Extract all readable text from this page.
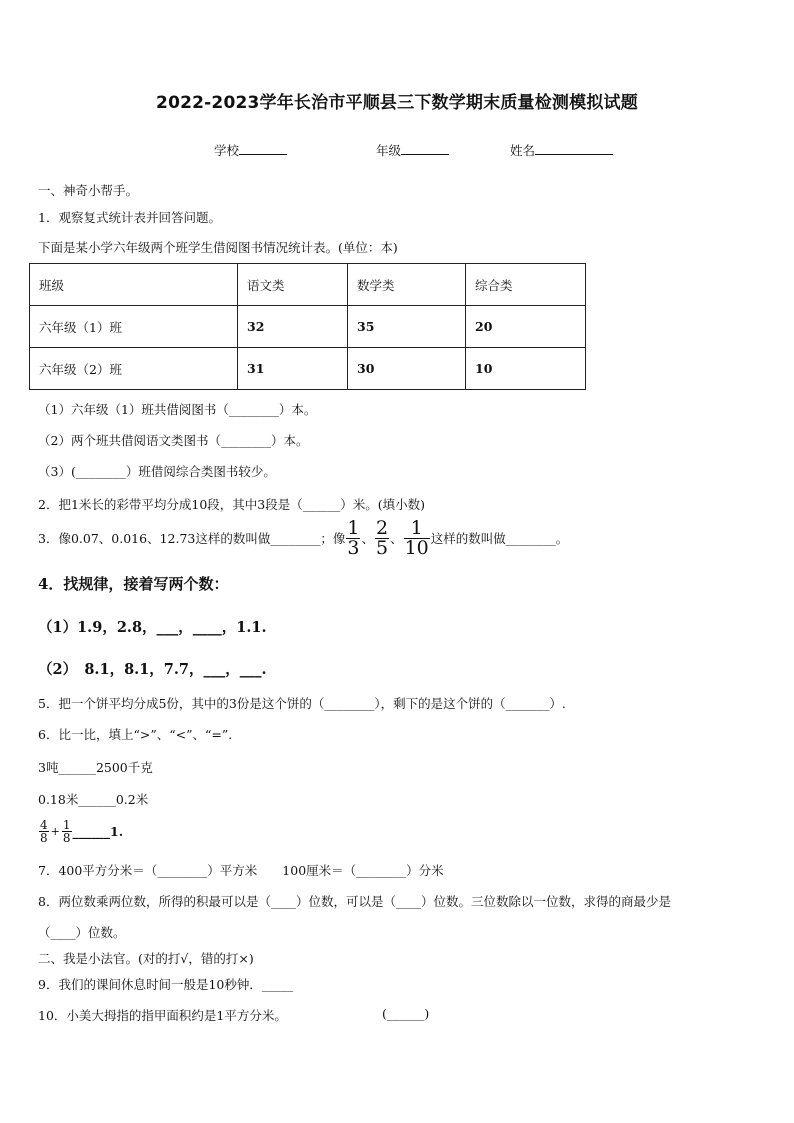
2022-2023学年长治市平顺县三下数学期末质量检测模拟试题
学校	年级	姓名
一、神奇小帮手。
1．观察复式统计表并回答问题。
下面是某小学六年级两个班学生借阅图书情况统计表。(单位：本)
班级	语文类	数学类	综合类
六年级（1）班	32	35	20
六年级（2）班	31	30	10
（1）六年级（1）班共借阅图书（________）本。
（2）两个班共借阅语文类图书（________）本。
（3）(________）班借阅综合类图书较少。
2．把1米长的彩带平均分成10段，其中3段是（______）米。(填小数)
3．像0.07、0.016、12.73这样的数叫做________；像 $\frac{1}{3}$ 、 $\frac{2}{5}$ 、 $\frac{1}{10}$ 这样的数叫做________。
4．找规律，接着写两个数：
（1）1.9，2.8，___，____，1.1.
（2）　8.1，8.1，7.7，___，___.
5．把一个饼平均分成5份，其中的3份是这个饼的（________），剩下的是这个饼的（_______）.
6．比一比，填上“>”、“<”、“=”.
3吨______2500千克
0.18米______0.2米
$\frac{4}{8} + \frac{1}{8}$ ______1.
7．400平方分米＝（________）平方米　　100厘米＝（________）分米
8．两位数乘两位数，所得的积最可以是（____）位数，可以是（____）位数。三位数除以一位数，求得的商最少是
（____）位数。
二、我是小法官。(对的打√，错的打×)
9．我们的课间休息时间一般是10秒钟．_____
10．小美大拇指的指甲面积约是1平方分米。	(______)
